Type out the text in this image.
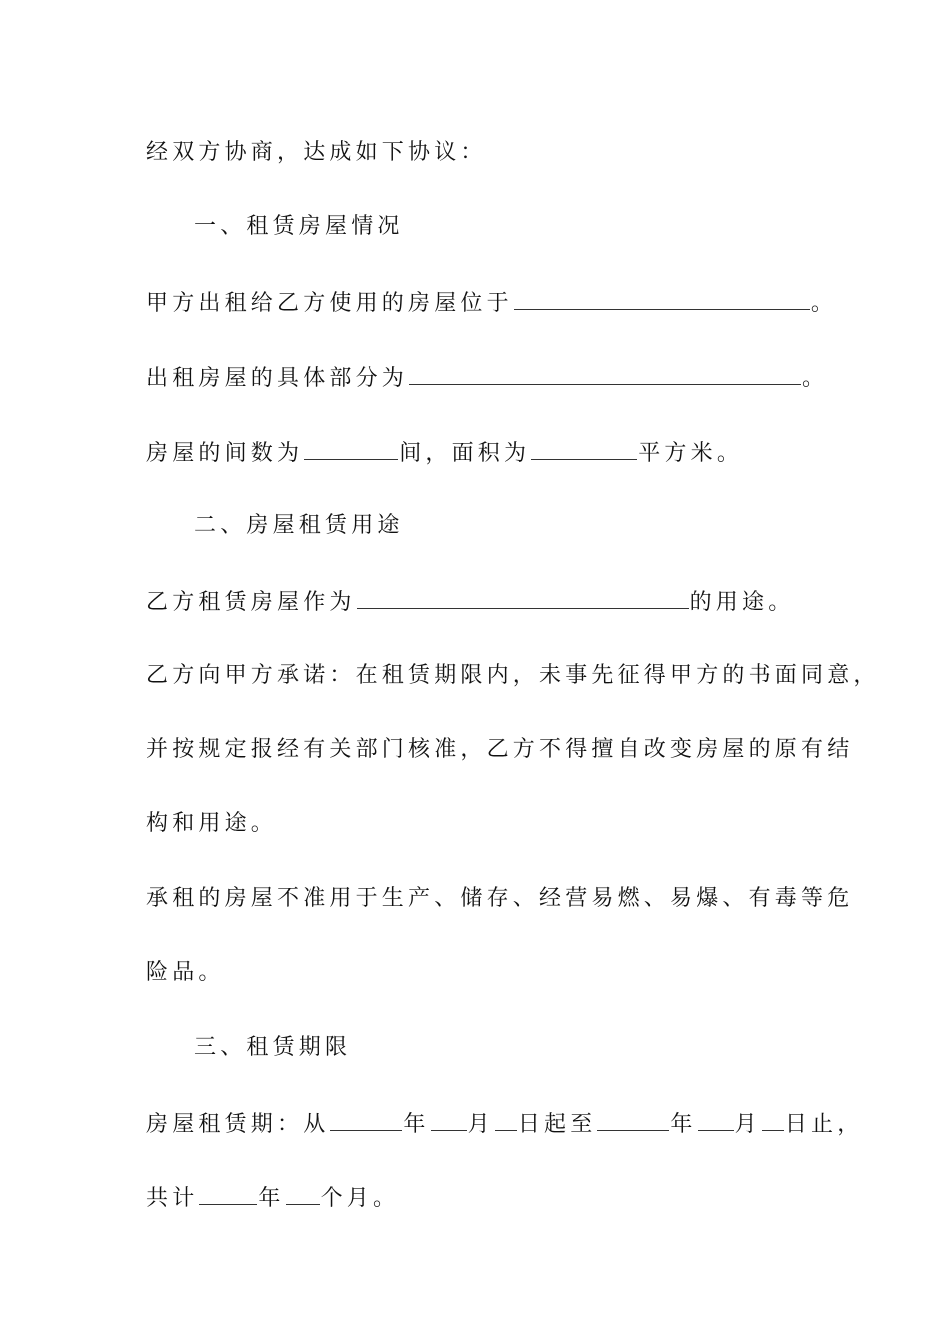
经双方协商，达成如下协议：
一、租赁房屋情况
甲方出租给乙方使用的房屋位于	。
出租房屋的具体部分为	。
房屋的间数为	间，面积为	平方米。
二、房屋租赁用途
乙方租赁房屋作为	的用途。
乙方向甲方承诺：在租赁期限内，未事先征得甲方的书面同意，
并按规定报经有关部门核准，乙方不得擅自改变房屋的原有结
构和用途。
承租的房屋不准用于生产、储存、经营易燃、易爆、有毒等危
险品。
三、租赁期限
房屋租赁期：从	年 月 日起至	年 月 日止，
共计	年 个月。
